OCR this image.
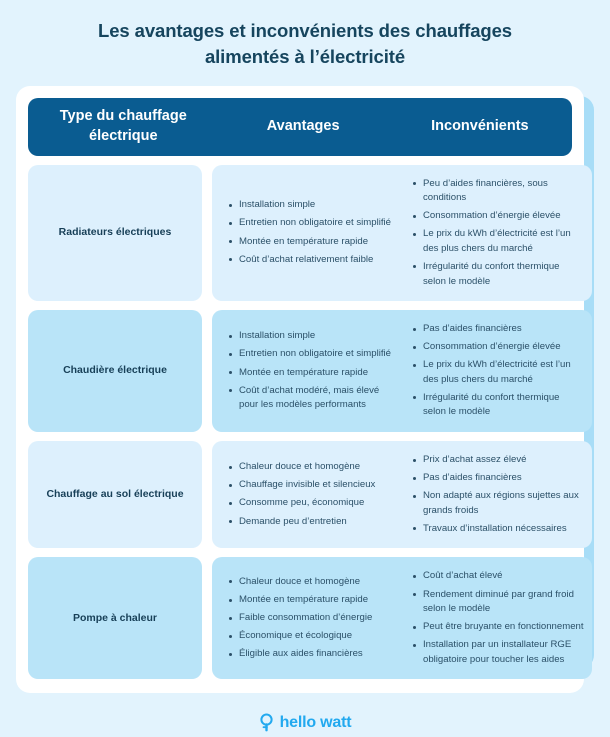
Les avantages et inconvénients des chauffages alimentés à l’électricité
Type du chauffage électrique
Avantages	Inconvénients
Radiateurs électriques
Installation simple
Entretien non obligatoire et simplifié
Montée en température rapide
Coût d’achat relativement faible
Peu d’aides financières, sous conditions
Consommation d’énergie élevée
Le prix du kWh d’électricité est l’un des plus chers du marché
Irrégularité du confort thermique selon le modèle
Chaudière électrique
Installation simple
Entretien non obligatoire et simplifié
Montée en température rapide
Coût d’achat modéré, mais élevé pour les modèles performants
Pas d’aides financières
Consommation d’énergie élevée
Le prix du kWh d’électricité est l’un des plus chers du marché
Irrégularité du confort thermique selon le modèle
Chauffage au sol électrique
Chaleur douce et homogène
Chauffage invisible et silencieux
Consomme peu, économique
Demande peu d’entretien
Prix d’achat assez élevé
Pas d’aides financières
Non adapté aux régions sujettes aux grands froids
Travaux d’installation nécessaires
Pompe à chaleur
Chaleur douce et homogène
Montée en température rapide
Faible consommation d’énergie
Économique et écologique
Éligible aux aides financières
Coût d’achat élevé
Rendement diminué par grand froid selon le modèle
Peut être bruyante en fonctionnement
Installation par un installateur RGE obligatoire pour toucher les aides
hello watt
